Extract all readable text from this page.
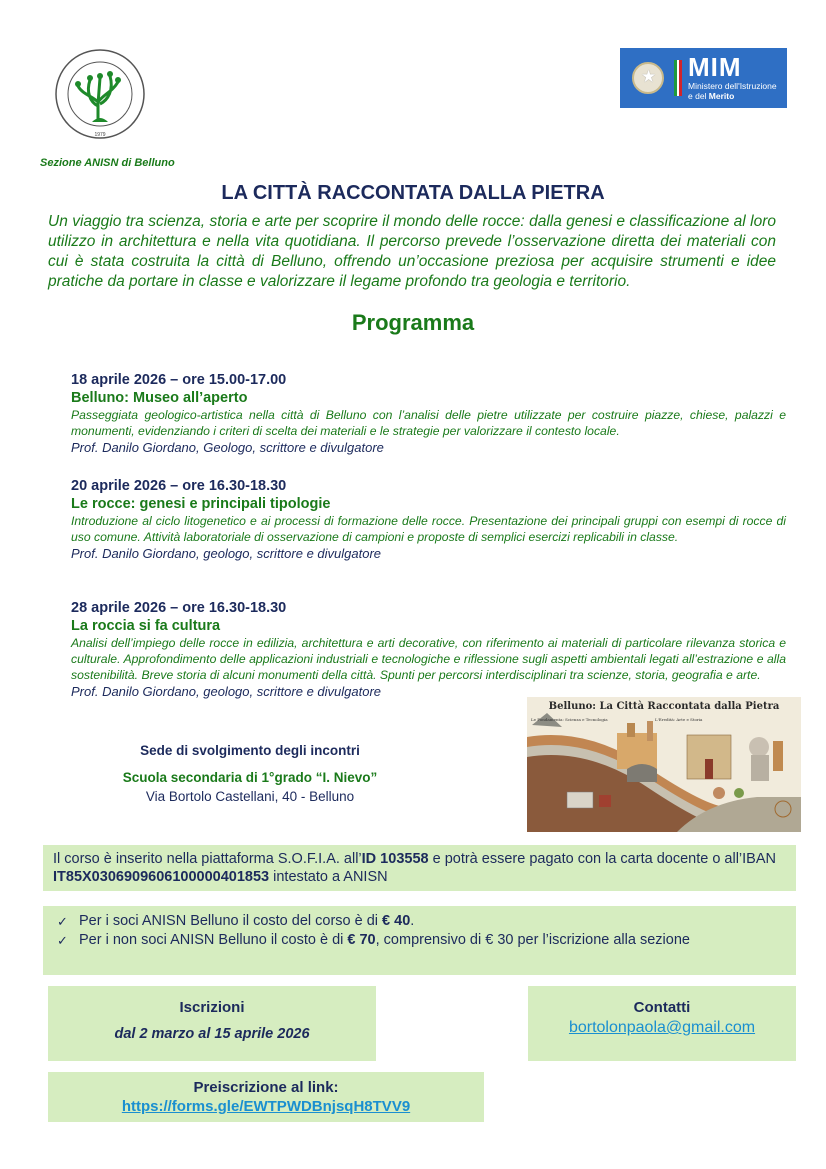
1979
★
MIM
Ministero dell'Istruzione
e del Merito
Sezione ANISN di Belluno
LA CITTÀ RACCONTATA DALLA PIETRA
Un viaggio tra scienza, storia e arte per scoprire il mondo delle rocce: dalla genesi e classificazione al loro utilizzo in architettura e nella vita quotidiana. Il percorso prevede l’osservazione diretta dei materiali con cui è stata costruita la città di Belluno, offrendo un’occasione preziosa per acquisire strumenti e idee pratiche da portare in classe e valorizzare il legame profondo tra geologia e territorio.
Programma
18 aprile 2026 – ore 15.00-17.00
Belluno: Museo all’aperto
Passeggiata geologico-artistica nella città di Belluno con l’analisi delle pietre utilizzate per costruire piazze, chiese, palazzi e monumenti, evidenziando i criteri di scelta dei materiali e le strategie per valorizzare il contesto locale.
Prof. Danilo Giordano, Geologo, scrittore e divulgatore
20 aprile 2026 – ore 16.30-18.30
Le rocce: genesi e principali tipologie
Introduzione al ciclo litogenetico e ai processi di formazione delle rocce. Presentazione dei principali gruppi con esempi di rocce di uso comune. Attività laboratoriale di osservazione di campioni e proposte di semplici esercizi replicabili in classe.
Prof. Danilo Giordano, geologo, scrittore e divulgatore
28 aprile 2026 – ore 16.30-18.30
La roccia si fa cultura
Analisi dell’impiego delle rocce in edilizia, architettura e arti decorative, con riferimento ai materiali di particolare rilevanza storica e culturale. Approfondimento delle applicazioni industriali e tecnologiche e riflessione sugli aspetti ambientali legati all’estrazione e alla sostenibilità. Breve storia di alcuni monumenti della città. Spunti per percorsi interdisciplinari tra scienze, storia, geografia e arte.
Prof. Danilo Giordano, geologo, scrittore e divulgatore
Sede di svolgimento degli incontri
Scuola secondaria di 1°grado “I. Nievo”
Via Bortolo Castellani, 40 - Belluno
Belluno: La Città Raccontata dalla Pietra
Le Fondamenta: Scienza e Tecnologia	L'Eredità: Arte e Storia
Il corso è inserito nella piattaforma S.O.F.I.A. all’ID 103558 e potrà essere pagato con la carta docente o all’IBAN IT85X0306909606100000401853 intestato a ANISN
✓ Per i soci ANISN Belluno il costo del corso è di € 40.
✓ Per i non soci ANISN Belluno il costo è di € 70, comprensivo di € 30 per l’iscrizione alla sezione
Iscrizioni
dal 2 marzo al 15 aprile 2026
Contatti
bortolonpaola@gmail.com
Preiscrizione al link:
https://forms.gle/EWTPWDBnjsqH8TVV9
